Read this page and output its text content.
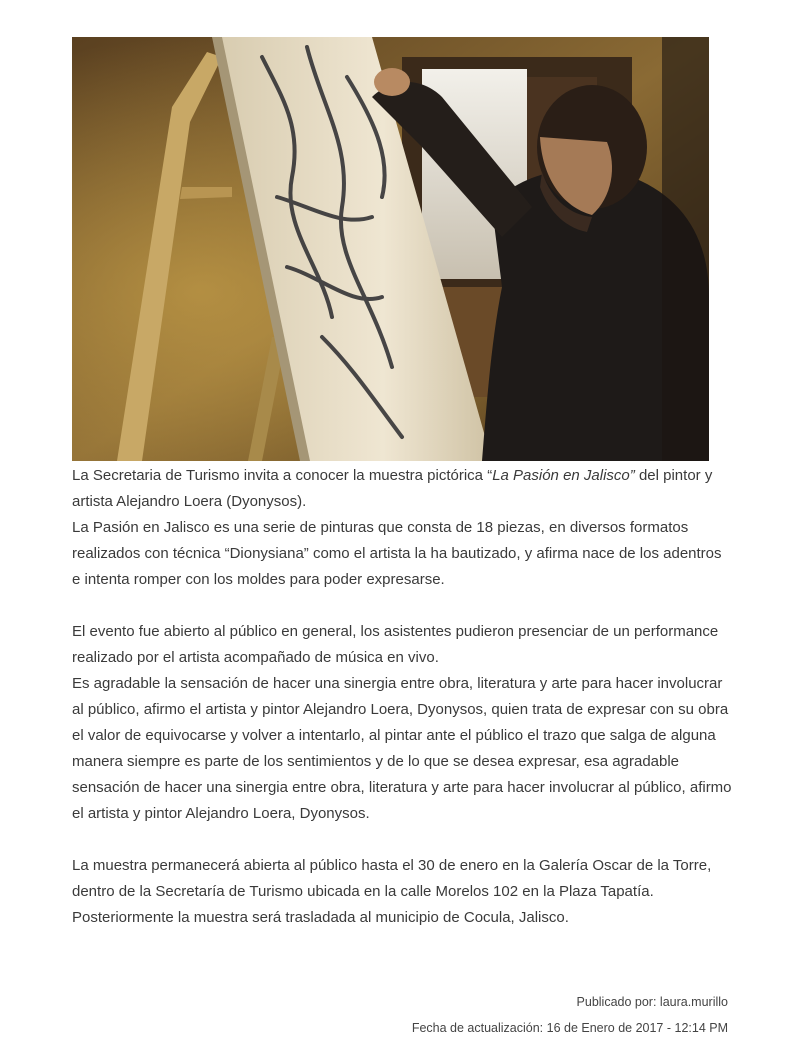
La Secretaria de Turismo invita a conocer la muestra pictórica “La Pasión en Jalisco” del pintor y artista Alejandro Loera (Dyonysos).

La Pasión en Jalisco es una serie de pinturas que consta de 18 piezas, en diversos formatos realizados con técnica “Dionysiana” como el artista la ha bautizado, y afirma nace de los adentros e intenta romper con los moldes para poder expresarse.

El evento fue abierto al público en general, los asistentes pudieron presenciar de un performance realizado por el artista acompañado de música en vivo.

Es agradable la sensación de hacer una sinergia entre obra, literatura y arte para hacer involucrar al público, afirmo el artista y pintor Alejandro Loera, Dyonysos, quien trata de expresar con su obra el valor de equivocarse y volver a intentarlo, al pintar ante el público el trazo que salga de alguna manera siempre es parte de los sentimientos y de lo que se desea expresar, esa agradable sensación de hacer una sinergia entre obra, literatura y arte para hacer involucrar al público, afirmo el artista y pintor Alejandro Loera, Dyonysos.

La muestra permanecerá abierta al público hasta el 30 de enero en la Galería Oscar de la Torre, dentro de la Secretaría de Turismo ubicada en la calle Morelos 102 en la Plaza Tapatía. Posteriormente la muestra será trasladada al municipio de Cocula, Jalisco.

Publicado por: laura.murillo
Fecha de actualización: 16 de Enero de 2017 - 12:14 PM
